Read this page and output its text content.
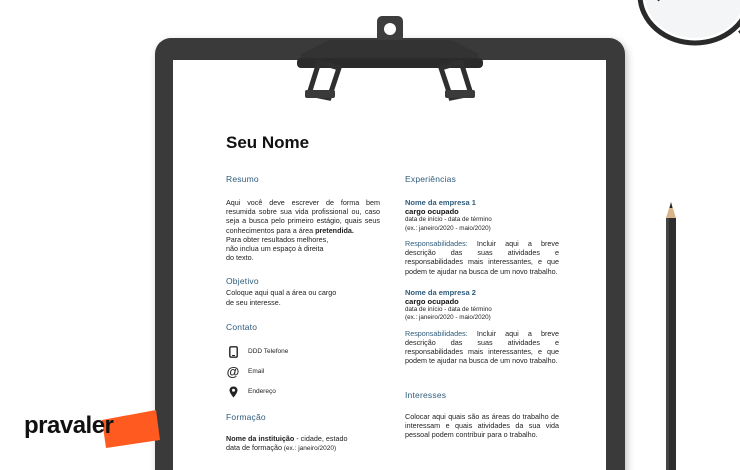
Seu Nome
Resumo
Aqui você deve escrever de forma bem resumida sobre sua vida profissional ou, caso seja a busca pelo primeiro estágio, quais seus conhecimentos para a área pretendida.
Para obter resultados melhores,
não inclua um espaço à direita
do texto.
Objetivo
Coloque aqui qual a área ou cargo
de seu interesse.
Contato
DDD Telefone
@ Email
Endereço
Formação
Nome da instituição - cidade, estado
data de formação (ex.: janeiro/2020)
Experiências
Nome da empresa 1
cargo ocupado
data de início - data de término
(ex.: janeiro/2020 - maio/2020)
Responsabilidades: Incluir aqui a breve descrição das suas atividades e responsabilidades mais interessantes, e que podem te ajudar na busca de um novo trabalho.
Nome da empresa 2
cargo ocupado
data de início - data de término
(ex.: janeiro/2020 - maio/2020)
Responsabilidades: Incluir aqui a breve descrição das suas atividades e responsabilidades mais interessantes, e que podem te ajudar na busca de um novo trabalho.
Interesses
Colocar aqui quais são as áreas do trabalho de interessam e quais atividades da sua vida pessoal podem contribuir para o trabalho.
pravaler
